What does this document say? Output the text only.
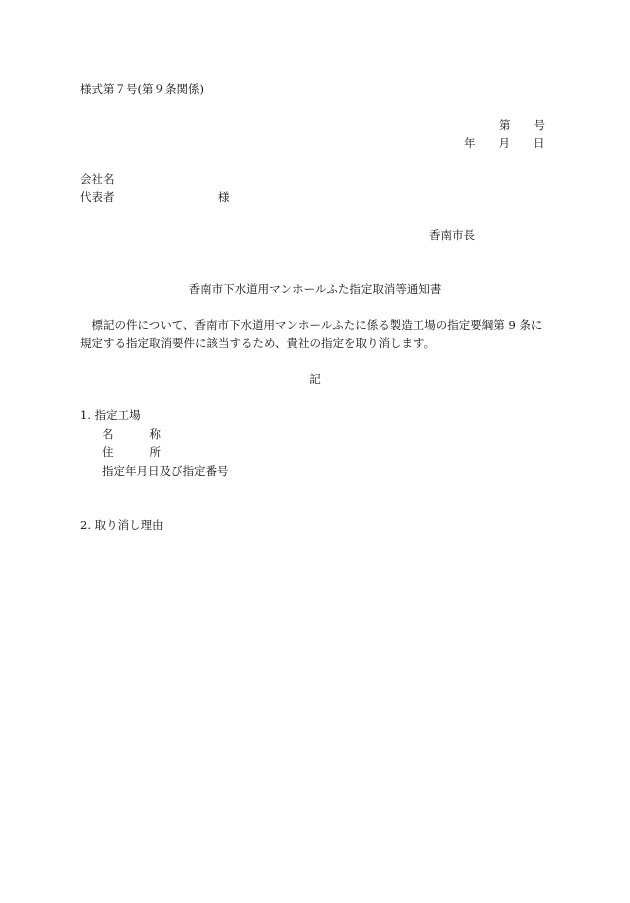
様式第７号(第９条関係)
第 号
年 月 日
会社名
代表者	様
香南市長
香南市下水道用マンホールふた指定取消等通知書
　標記の件について、香南市下水道用マンホールふたに係る製造工場の指定要綱第 9 条に
規定する指定取消要件に該当するため、貴社の指定を取り消します。
記
1. 指定工場
名	称
住	所
指定年月日及び指定番号
2. 取り消し理由
